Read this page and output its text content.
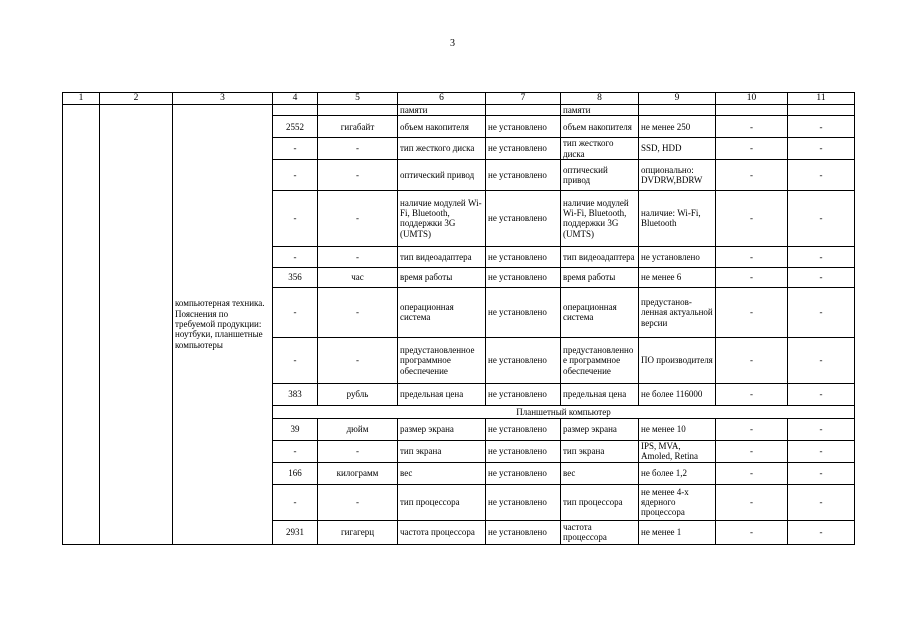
3
1	2	3	4	5	6	7	8	9	10	11
		компьютерная техника. Пояснения по требуемой продукции: ноутбуки, планшетные компьютеры			памяти		памяти			
			2552	гигабайт	объем накопителя	не установлено	объем накопителя	не менее 250	-	-
			-	-	тип жесткого диска	не установлено	тип жесткого диска	SSD, HDD	-	-
			-	-	оптический привод	не установлено	оптический привод	опционально: DVDRW,BDRW	-	-
			-	-	наличие модулей Wi-Fi, Bluetooth, поддержки 3G (UMTS)	не установлено	наличие модулей Wi-Fi, Bluetooth, поддержки 3G (UMTS)	наличие: Wi-Fi, Bluetooth	-	-
			-	-	тип видеоадаптера	не установлено	тип видеоадаптера	не установлено	-	-
			356	час	время работы	не установлено	время работы	не менее 6	-	-
			-	-	операционная система	не установлено	операционная система	предустанов-ленная актуальной версии	-	-
			-	-	предустановленное программное обеспечение	не установлено	предустановленное программное обеспечение	ПО производителя	-	-
			383	рубль	предельная цена	не установлено	предельная цена	не более 116000	-	-
			Планшетный компьютер							
			39	дюйм	размер экрана	не установлено	размер экрана	не менее 10	-	-
			-	-	тип экрана	не установлено	тип экрана	IPS, MVA, Amoled, Retina	-	-
			166	килограмм	вес	не установлено	вес	не более 1,2	-	-
			-	-	тип процессора	не установлено	тип процессора	не менее 4-х ядерного процессора	-	-
			2931	гигагерц	частота процессора	не установлено	частота процессора	не менее 1	-	-
